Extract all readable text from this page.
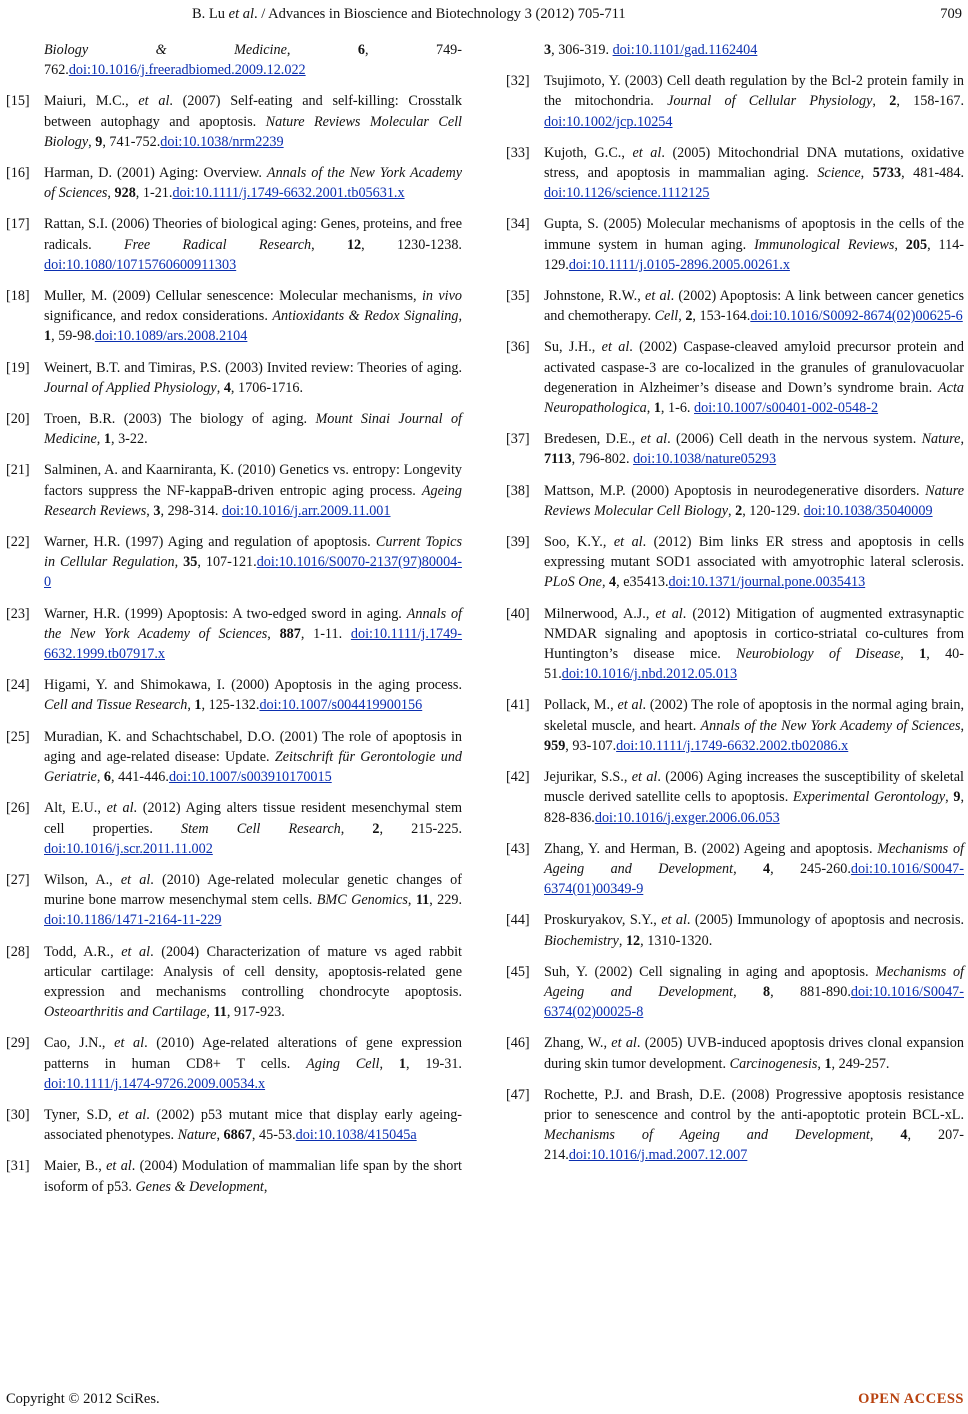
B. Lu et al. / Advances in Bioscience and Biotechnology 3 (2012) 705-711	709
Biology & Medicine, 6, 749-762.doi:10.1016/j.freeradbiomed.2009.12.022
[15] Maiuri, M.C., et al. (2007) Self-eating and self-killing: Crosstalk between autophagy and apoptosis. Nature Reviews Molecular Cell Biology, 9, 741-752.doi:10.1038/nrm2239
[16] Harman, D. (2001) Aging: Overview. Annals of the New York Academy of Sciences, 928, 1-21.doi:10.1111/j.1749-6632.2001.tb05631.x
[17] Rattan, S.I. (2006) Theories of biological aging: Genes, proteins, and free radicals. Free Radical Research, 12, 1230-1238. doi:10.1080/10715760600911303
[18] Muller, M. (2009) Cellular senescence: Molecular mechanisms, in vivo significance, and redox considerations. Antioxidants & Redox Signaling, 1, 59-98.doi:10.1089/ars.2008.2104
[19] Weinert, B.T. and Timiras, P.S. (2003) Invited review: Theories of aging. Journal of Applied Physiology, 4, 1706-1716.
[20] Troen, B.R. (2003) The biology of aging. Mount Sinai Journal of Medicine, 1, 3-22.
[21] Salminen, A. and Kaarniranta, K. (2010) Genetics vs. entropy: Longevity factors suppress the NF-kappaB-driven entropic aging process. Ageing Research Reviews, 3, 298-314. doi:10.1016/j.arr.2009.11.001
[22] Warner, H.R. (1997) Aging and regulation of apoptosis. Current Topics in Cellular Regulation, 35, 107-121.doi:10.1016/S0070-2137(97)80004-0
[23] Warner, H.R. (1999) Apoptosis: A two-edged sword in aging. Annals of the New York Academy of Sciences, 887, 1-11. doi:10.1111/j.1749-6632.1999.tb07917.x
[24] Higami, Y. and Shimokawa, I. (2000) Apoptosis in the aging process. Cell and Tissue Research, 1, 125-132.doi:10.1007/s004419900156
[25] Muradian, K. and Schachtschabel, D.O. (2001) The role of apoptosis in aging and age-related disease: Update. Zeitschrift für Gerontologie und Geriatrie, 6, 441-446.doi:10.1007/s003910170015
[26] Alt, E.U., et al. (2012) Aging alters tissue resident mesenchymal stem cell properties. Stem Cell Research, 2, 215-225. doi:10.1016/j.scr.2011.11.002
[27] Wilson, A., et al. (2010) Age-related molecular genetic changes of murine bone marrow mesenchymal stem cells. BMC Genomics, 11, 229. doi:10.1186/1471-2164-11-229
[28] Todd, A.R., et al. (2004) Characterization of mature vs aged rabbit articular cartilage: Analysis of cell density, apoptosis-related gene expression and mechanisms controlling chondrocyte apoptosis. Osteoarthritis and Cartilage, 11, 917-923.
[29] Cao, J.N., et al. (2010) Age-related alterations of gene expression patterns in human CD8+ T cells. Aging Cell, 1, 19-31. doi:10.1111/j.1474-9726.2009.00534.x
[30] Tyner, S.D, et al. (2002) p53 mutant mice that display early ageing-associated phenotypes. Nature, 6867, 45-53.doi:10.1038/415045a
[31] Maier, B., et al. (2004) Modulation of mammalian life span by the short isoform of p53. Genes & Development,
3, 306-319. doi:10.1101/gad.1162404
[32] Tsujimoto, Y. (2003) Cell death regulation by the Bcl-2 protein family in the mitochondria. Journal of Cellular Physiology, 2, 158-167. doi:10.1002/jcp.10254
[33] Kujoth, G.C., et al. (2005) Mitochondrial DNA mutations, oxidative stress, and apoptosis in mammalian aging. Science, 5733, 481-484. doi:10.1126/science.1112125
[34] Gupta, S. (2005) Molecular mechanisms of apoptosis in the cells of the immune system in human aging. Immunological Reviews, 205, 114-129.doi:10.1111/j.0105-2896.2005.00261.x
[35] Johnstone, R.W., et al. (2002) Apoptosis: A link between cancer genetics and chemotherapy. Cell, 2, 153-164.doi:10.1016/S0092-8674(02)00625-6
[36] Su, J.H., et al. (2002) Caspase-cleaved amyloid precursor protein and activated caspase-3 are co-localized in the granules of granulovacuolar degeneration in Alzheimer’s disease and Down’s syndrome brain. Acta Neuropathologica, 1, 1-6. doi:10.1007/s00401-002-0548-2
[37] Bredesen, D.E., et al. (2006) Cell death in the nervous system. Nature, 7113, 796-802. doi:10.1038/nature05293
[38] Mattson, M.P. (2000) Apoptosis in neurodegenerative disorders. Nature Reviews Molecular Cell Biology, 2, 120-129. doi:10.1038/35040009
[39] Soo, K.Y., et al. (2012) Bim links ER stress and apoptosis in cells expressing mutant SOD1 associated with amyotrophic lateral sclerosis. PLoS One, 4, e35413.doi:10.1371/journal.pone.0035413
[40] Milnerwood, A.J., et al. (2012) Mitigation of augmented extrasynaptic NMDAR signaling and apoptosis in cortico-striatal co-cultures from Huntington’s disease mice. Neurobiology of Disease, 1, 40-51.doi:10.1016/j.nbd.2012.05.013
[41] Pollack, M., et al. (2002) The role of apoptosis in the normal aging brain, skeletal muscle, and heart. Annals of the New York Academy of Sciences, 959, 93-107.doi:10.1111/j.1749-6632.2002.tb02086.x
[42] Jejurikar, S.S., et al. (2006) Aging increases the susceptibility of skeletal muscle derived satellite cells to apoptosis. Experimental Gerontology, 9, 828-836.doi:10.1016/j.exger.2006.06.053
[43] Zhang, Y. and Herman, B. (2002) Ageing and apoptosis. Mechanisms of Ageing and Development, 4, 245-260.doi:10.1016/S0047-6374(01)00349-9
[44] Proskuryakov, S.Y., et al. (2005) Immunology of apoptosis and necrosis. Biochemistry, 12, 1310-1320.
[45] Suh, Y. (2002) Cell signaling in aging and apoptosis. Mechanisms of Ageing and Development, 8, 881-890.doi:10.1016/S0047-6374(02)00025-8
[46] Zhang, W., et al. (2005) UVB-induced apoptosis drives clonal expansion during skin tumor development. Carcinogenesis, 1, 249-257.
[47] Rochette, P.J. and Brash, D.E. (2008) Progressive apoptosis resistance prior to senescence and control by the anti-apoptotic protein BCL-xL. Mechanisms of Ageing and Development, 4, 207-214.doi:10.1016/j.mad.2007.12.007
Copyright © 2012 SciRes.	OPEN ACCESS
